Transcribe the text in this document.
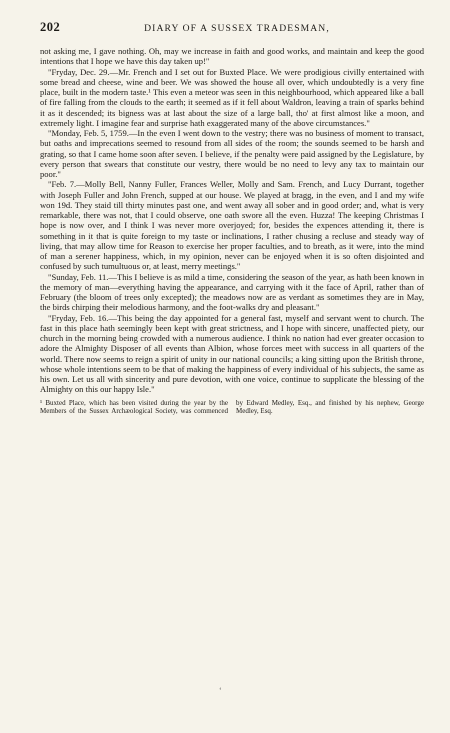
202	DIARY OF A SUSSEX TRADESMAN,

not asking me, I gave nothing. Oh, may we increase in faith and good works, and maintain and keep the good intentions that I hope we have this day taken up!"

"Fryday, Dec. 29.—Mr. French and I set out for Buxted Place. We were prodigious civilly entertained with some bread and cheese, wine and beer. We was showed the house all over, which undoubtedly is a very fine place, built in the modern taste.¹ This even a meteor was seen in this neighbourhood, which appeared like a ball of fire falling from the clouds to the earth; it seemed as if it fell about Waldron, leaving a train of sparks behind it as it descended; its bigness was at last about the size of a large ball, tho' at first almost like a moon, and extremely light. I imagine fear and surprise hath exaggerated many of the above circumstances."

"Monday, Feb. 5, 1759.—In the even I went down to the vestry; there was no business of moment to transact, but oaths and imprecations seemed to resound from all sides of the room; the sounds seemed to be harsh and grating, so that I came home soon after seven. I believe, if the penalty were paid assigned by the Legislature, by every person that swears that constitute our vestry, there would be no need to levy any tax to maintain our poor."

"Feb. 7.—Molly Bell, Nanny Fuller, Frances Weller, Molly and Sam. French, and Lucy Durrant, together with Joseph Fuller and John French, supped at our house. We played at bragg, in the even, and I and my wife won 19d. They staid till thirty minutes past one, and went away all sober and in good order; and, what is very remarkable, there was not, that I could observe, one oath swore all the even. Huzza! The keeping Christmas I hope is now over, and I think I was never more overjoyed; for, besides the expences attending it, there is something in it that is quite foreign to my taste or inclinations, I rather chusing a recluse and steady way of living, that may allow time for Reason to exercise her proper faculties, and to breath, as it were, into the mind of man a serener happiness, which, in my opinion, never can be enjoyed when it is so often disjointed and confused by such tumultuous or, at least, merry meetings."

"Sunday, Feb. 11.—This I believe is as mild a time, considering the season of the year, as hath been known in the memory of man—everything having the appearance, and carrying with it the face of April, rather than of February (the bloom of trees only excepted); the meadows now are as verdant as sometimes they are in May, the birds chirping their melodious harmony, and the foot-walks dry and pleasant."

"Fryday, Feb. 16.—This being the day appointed for a general fast, myself and servant went to church. The fast in this place hath seemingly been kept with great strictness, and I hope with sincere, unaffected piety, our church in the morning being crowded with a numerous audience. I think no nation had ever greater occasion to adore the Almighty Disposer of all events than Albion, whose forces meet with success in all quarters of the world. There now seems to reign a spirit of unity in our national councils; a king sitting upon the British throne, whose whole intentions seem to be that of making the happiness of every individual of his subjects, the same as his own. Let us all with sincerity and pure devotion, with one voice, continue to supplicate the blessing of the Almighty on this our happy Isle."

¹ Buxted Place, which has been visited during the year by the Members of the Sussex Archæological Society, was commenced by Edward Medley, Esq., and finished by his nephew, George Medley, Esq.

ʻ
